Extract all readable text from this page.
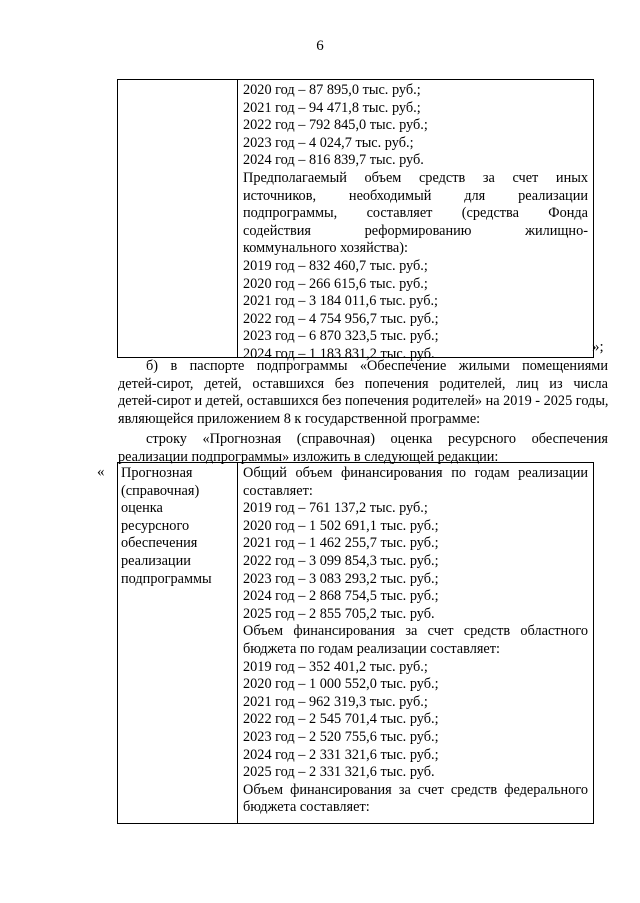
6
2020 год – 87 895,0 тыс. руб.;
2021 год – 94 471,8 тыс. руб.;
2022 год – 792 845,0 тыс. руб.;
2023 год – 4 024,7 тыс. руб.;
2024 год – 816 839,7 тыс. руб.
Предполагаемый объем средств за счет иных
источников, необходимый для реализации
подпрограммы, составляет (средства Фонда
содействия реформированию жилищно-
коммунального хозяйства):
2019 год – 832 460,7 тыс. руб.;
2020 год – 266 615,6 тыс. руб.;
2021 год – 3 184 011,6 тыс. руб.;
2022 год – 4 754 956,7 тыс. руб.;
2023 год – 6 870 323,5 тыс. руб.;
2024 год – 1 183 831,2 тыс. руб.	»;
б) в паспорте подпрограммы «Обеспечение жилыми помещениями
детей-сирот, детей, оставшихся без попечения родителей, лиц из числа
детей-сирот и детей, оставшихся без попечения родителей» на 2019 - 2025 годы,
являющейся приложением 8 к государственной программе:
строку «Прогнозная (справочная) оценка ресурсного обеспечения
реализации подпрограммы» изложить в следующей редакции:
« Прогнозная
(справочная)
оценка
ресурсного
обеспечения
реализации
подпрограммы
Общий объем финансирования по годам реализации
составляет:
2019 год – 761 137,2 тыс. руб.;
2020 год – 1 502 691,1 тыс. руб.;
2021 год – 1 462 255,7 тыс. руб.;
2022 год – 3 099 854,3 тыс. руб.;
2023 год – 3 083 293,2 тыс. руб.;
2024 год – 2 868 754,5 тыс. руб.;
2025 год – 2 855 705,2 тыс. руб.
Объем финансирования за счет средств областного
бюджета по годам реализации составляет:
2019 год – 352 401,2 тыс. руб.;
2020 год – 1 000 552,0 тыс. руб.;
2021 год – 962 319,3 тыс. руб.;
2022 год – 2 545 701,4 тыс. руб.;
2023 год – 2 520 755,6 тыс. руб.;
2024 год – 2 331 321,6 тыс. руб.;
2025 год – 2 331 321,6 тыс. руб.
Объем финансирования за счет средств федерального
бюджета составляет:
